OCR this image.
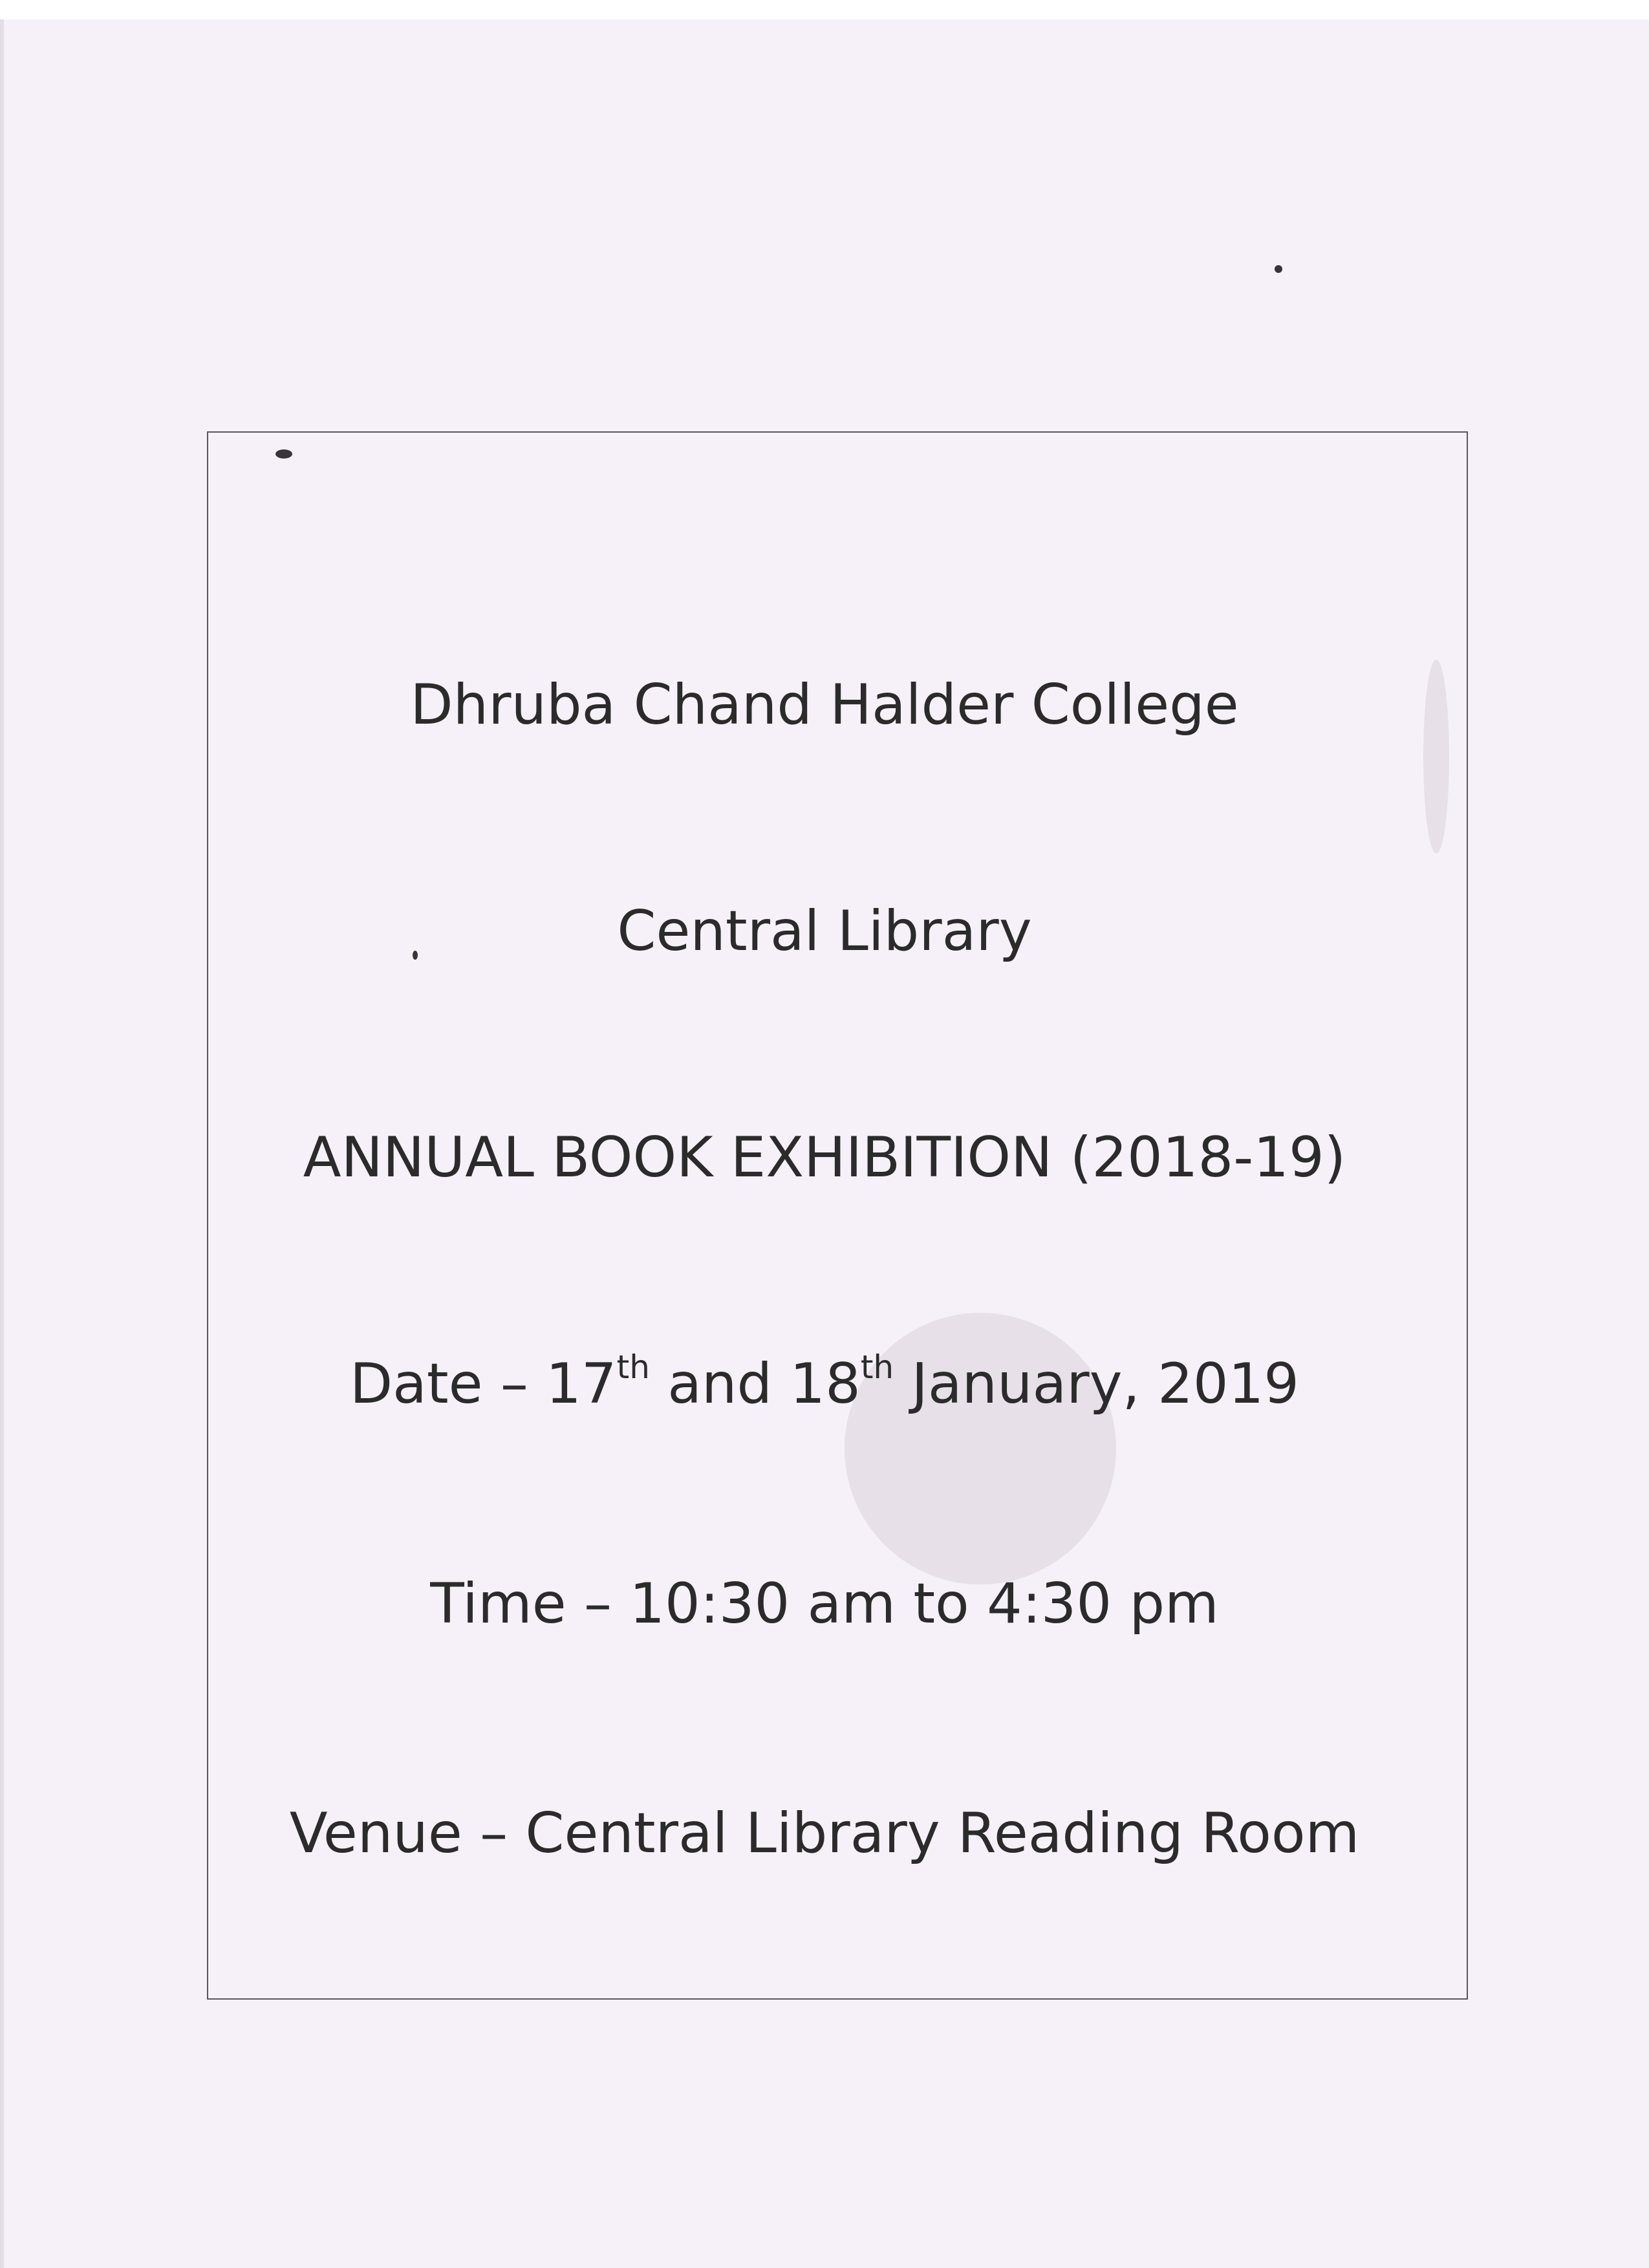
Dhruba Chand Halder College
Central Library
ANNUAL BOOK EXHIBITION (2018-19)
Date – 17th and 18th January, 2019
Time – 10:30 am to 4:30 pm
Venue – Central Library Reading Room
